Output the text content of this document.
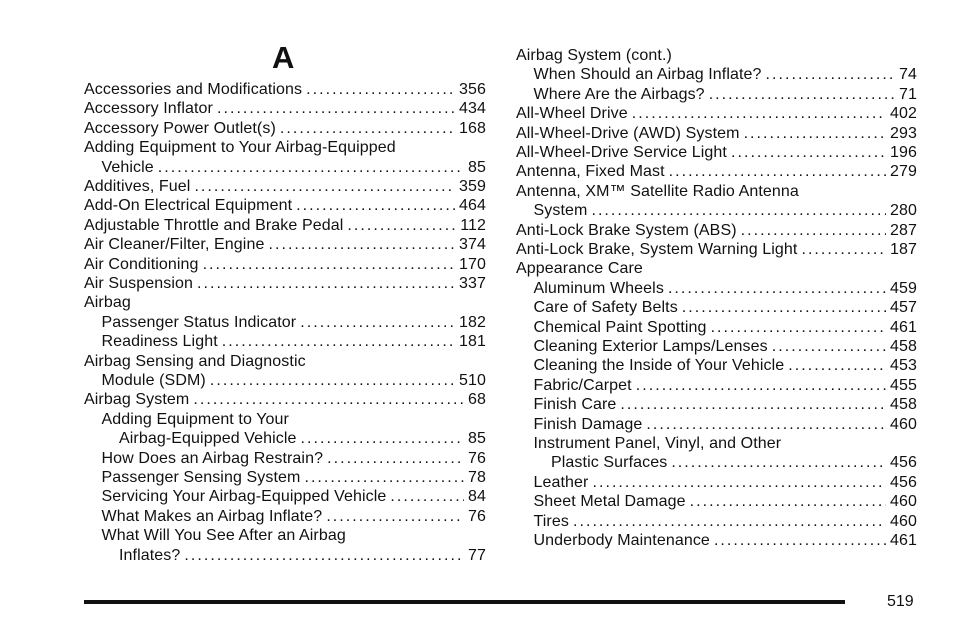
A
Accessories and Modifications . . .	356
Accessory Inflator . . .	434
Accessory Power Outlet(s) . . .	168
Adding Equipment to Your Airbag-Equipped
Vehicle . . .	85
Additives, Fuel . . .	359
Add-On Electrical Equipment . . .	464
Adjustable Throttle and Brake Pedal . . .	112
Air Cleaner/Filter, Engine . . .	374
Air Conditioning . . .	170
Air Suspension . . .	337
Airbag
Passenger Status Indicator . . .	182
Readiness Light . . .	181
Airbag Sensing and Diagnostic
Module (SDM) . . .	510
Airbag System . . .	68
Adding Equipment to Your
Airbag-Equipped Vehicle . . .	85
How Does an Airbag Restrain? . . .	76
Passenger Sensing System . . .	78
Servicing Your Airbag-Equipped Vehicle . . .	84
What Makes an Airbag Inflate? . . .	76
What Will You See After an Airbag
Inflates? . . .	77
Airbag System (cont.)
When Should an Airbag Inflate? . . .	74
Where Are the Airbags? . . .	71
All-Wheel Drive . . .	402
All-Wheel-Drive (AWD) System . . .	293
All-Wheel-Drive Service Light . . .	196
Antenna, Fixed Mast . . .	279
Antenna, XM™ Satellite Radio Antenna
System . . .	280
Anti-Lock Brake System (ABS) . . .	287
Anti-Lock Brake, System Warning Light . . .	187
Appearance Care
Aluminum Wheels . . .	459
Care of Safety Belts . . .	457
Chemical Paint Spotting . . .	461
Cleaning Exterior Lamps/Lenses . . .	458
Cleaning the Inside of Your Vehicle . . .	453
Fabric/Carpet . . .	455
Finish Care . . .	458
Finish Damage . . .	460
Instrument Panel, Vinyl, and Other
Plastic Surfaces . . .	456
Leather . . .	456
Sheet Metal Damage . . .	460
Tires . . .	460
Underbody Maintenance . . .	461
519
